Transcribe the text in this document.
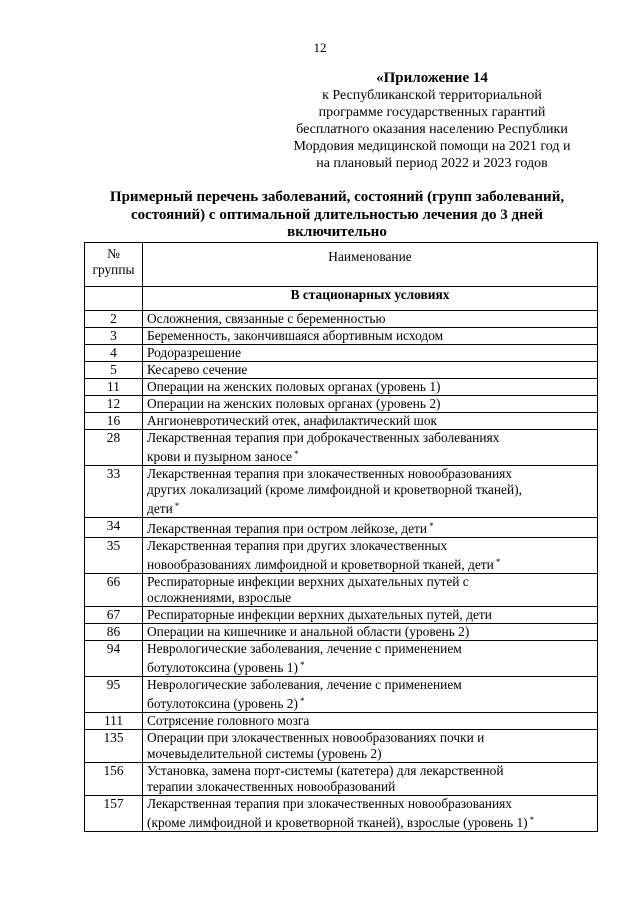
12
«Приложение 14
к Республиканской территориальной
программе государственных гарантий
бесплатного оказания населению Республики
Мордовия медицинской помощи на 2021 год и
на плановый период 2022 и 2023 годов
Примерный перечень заболеваний, состояний (групп заболеваний,
состояний) с оптимальной длительностью лечения до 3 дней
включительно
№
группы	Наименование
	В стационарных условиях
2	Осложнения, связанные с беременностью

3	Беременность, закончившаяся абортивным исходом

4	Родоразрешение

5	Кесарево сечение

11	Операции на женских половых органах (уровень 1)

12	Операции на женских половых органах (уровень 2)

16	Ангионевротический отек, анафилактический шок

28	Лекарственная терапия при доброкачественных заболеваниях
крови и пузырном заносе *

33	Лекарственная терапия при злокачественных новообразованиях
других локализаций (кроме лимфоидной и кроветворной тканей),
дети *

34	Лекарственная терапия при остром лейкозе, дети *

35	Лекарственная терапия при других злокачественных
новообразованиях лимфоидной и кроветворной тканей, дети *

66	Респираторные инфекции верхних дыхательных путей с
осложнениями, взрослые

67	Респираторные инфекции верхних дыхательных путей, дети

86	Операции на кишечнике и анальной области (уровень 2)

94	Неврологические заболевания, лечение с применением
ботулотоксина (уровень 1) *

95	Неврологические заболевания, лечение с применением
ботулотоксина (уровень 2) *

111	Сотрясение головного мозга

135	Операции при злокачественных новообразованиях почки и
мочевыделительной системы (уровень 2)

156	Установка, замена порт-системы (катетера) для лекарственной
терапии злокачественных новообразований

157	Лекарственная терапия при злокачественных новообразованиях
(кроме лимфоидной и кроветворной тканей), взрослые (уровень 1) *
